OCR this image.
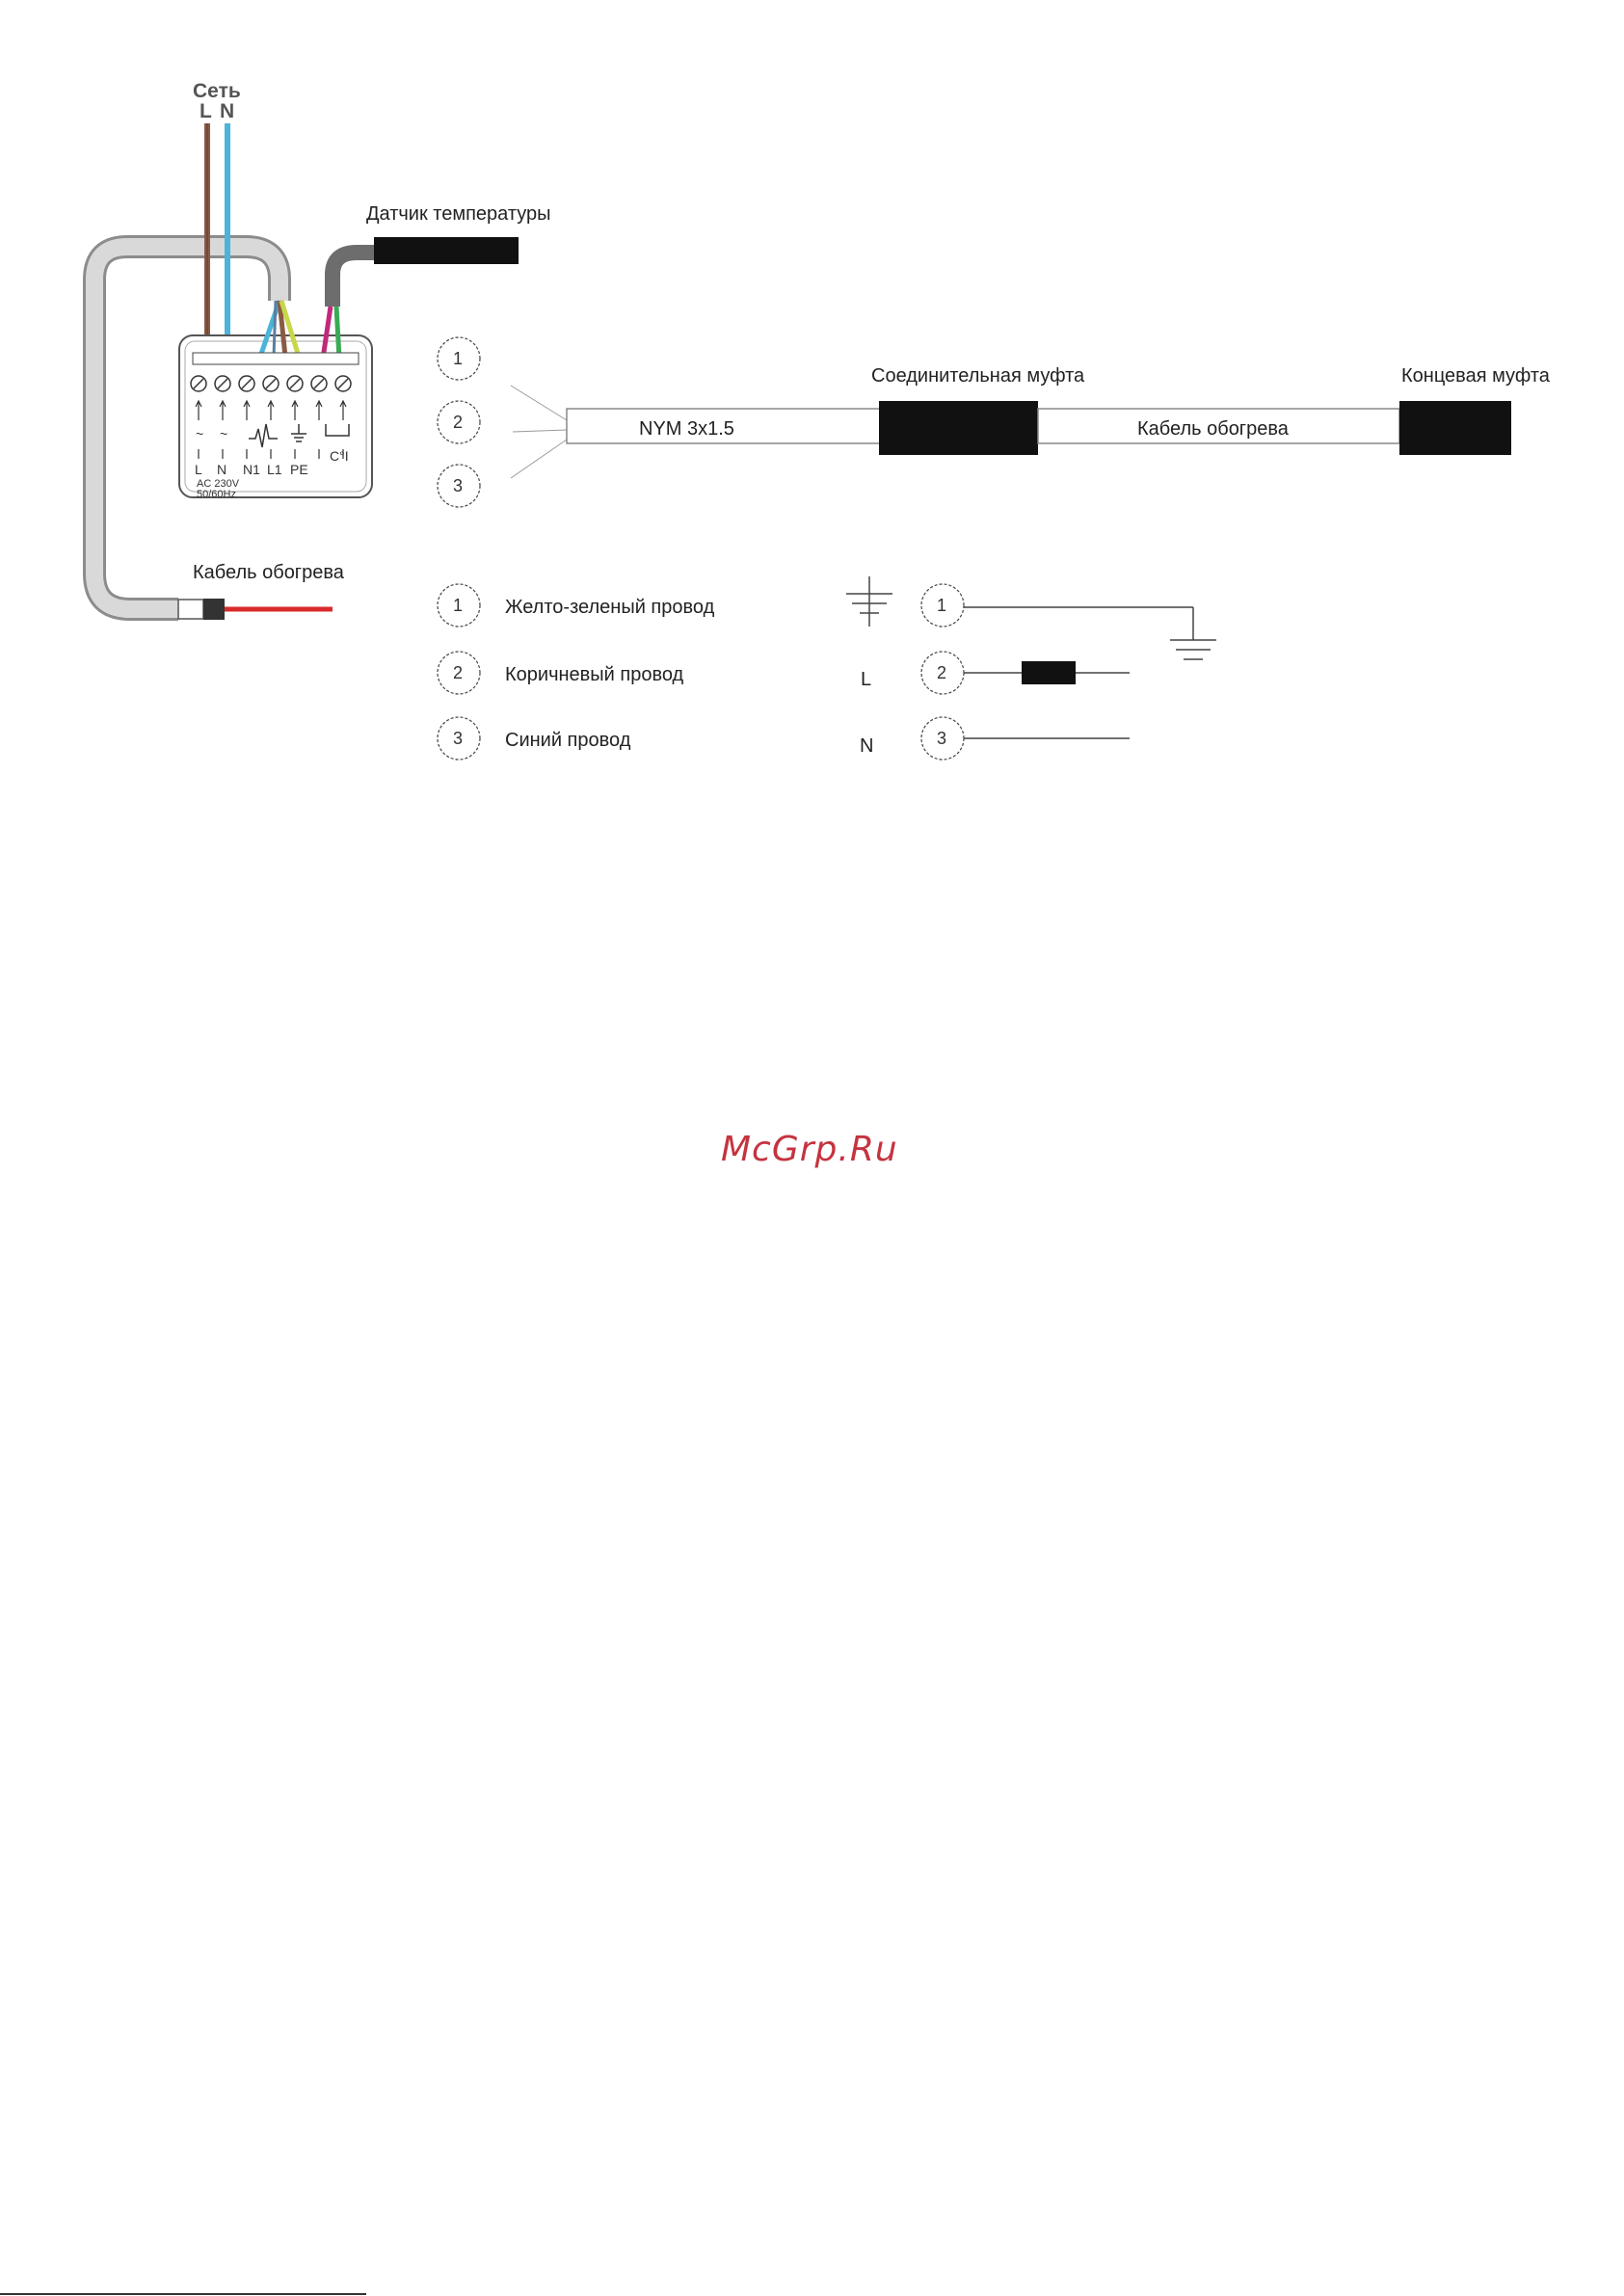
Сеть
L N
Датчик температуры
~ ~
L N N1 L1 PE
C°I
AC 230V
50/60Hz
Кабель обогрева
1
2
3
NYM 3x1.5
Соединительная муфта
Кабель обогрева
Концевая муфта
1 Желто-зеленый провод	1
2 Коричневый провод	L	2
3 Синий провод	N	3
McGrp.Ru
